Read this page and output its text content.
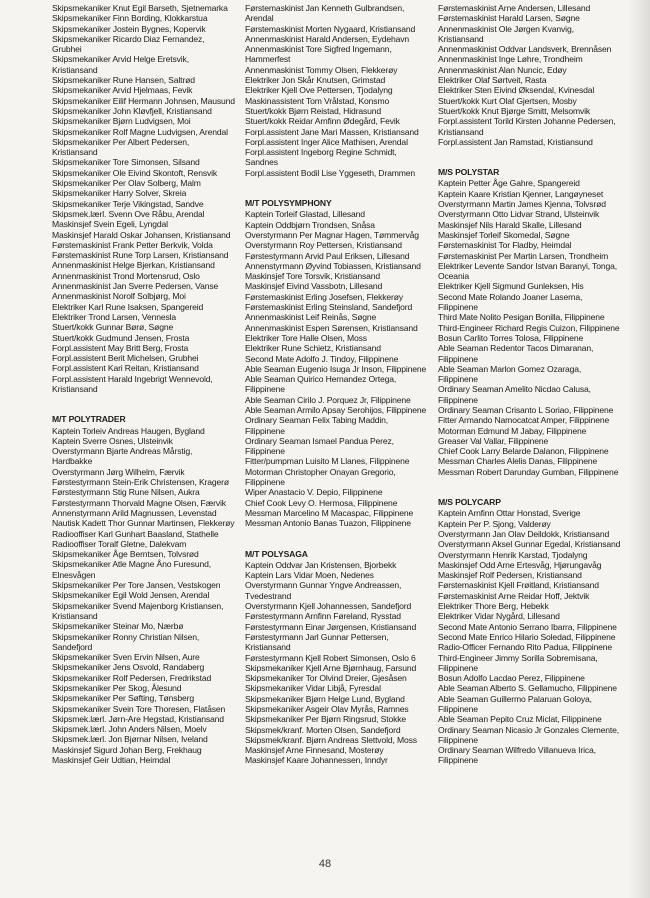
Skipsmekaniker Knut Egil Barseth, Sjetnemarka
Skipsmekaniker Finn Bording, Klokkarstua
Skipsmekaniker Jostein Bygnes, Kopervik
Skipsmekaniker Ricardo Diaz Fernandez,
Grubhei
Skipsmekaniker Arvid Helge Eretsvik,
Kristiansand
Skipsmekaniker Rune Hansen, Saltrød
Skipsmekaniker Arvid Hjelmaas, Fevik
Skipsmekaniker Eilif Hermann Johnsen, Mausund
Skipsmekaniker John Kløvfjell, Kristiansand
Skipsmekaniker Bjørn Ludvigsen, Moi
Skipsmekaniker Rolf Magne Ludvigsen, Arendal
Skipsmekaniker Per Albert Pedersen,
Kristiansand
Skipsmekaniker Tore Simonsen, Silsand
Skipsmekaniker Ole Eivind Skontoft, Rensvik
Skipsmekaniker Per Olav Solberg, Malm
Skipsmekaniker Harry Solver, Skreia
Skipsmekaniker Terje Vikingstad, Sandve
Skipsmek.lærl. Svenn Ove Råbu, Arendal
Maskinsjef Svein Egeli, Lyngdal
Maskinsjef Harald Oskar Johansen, Kristiansand
Førstemaskinist Frank Petter Berkvik, Volda
Førstemaskinist Rune Torp Larsen, Kristiansand
Annenmaskinist Helge Bjerkan, Kristiansand
Annenmaskinist Trond Mortensrud, Oslo
Annenmaskinist Jan Sverre Pedersen, Vanse
Annenmaskinist Norolf Solbjørg, Moi
Elektriker Karl Rune Isaksen, Spangereid
Elektriker Trond Larsen, Vennesla
Stuert/kokk Gunnar Børø, Søgne
Stuert/kokk Gudmund Jensen, Frosta
Forpl.assistent May Britt Berg, Frosta
Forpl.assistent Berit Michelsen, Grubhei
Forpl.assistent Kari Reitan, Kristiansand
Forpl.assistent Harald Ingebrigt Wennevold,
Kristiansand
M/T POLYTRADER
Kaptein Torleiv Andreas Haugen, Bygland
Kaptein Sverre Osnes, Ulsteinvik
Overstyrmann Bjarte Andreas Mårstig,
Hardbakke
Overstyrmann Jørg Wilhelm, Færvik
Førstestyrmann Stein-Erik Christensen, Kragerø
Førstestyrmann Stig Rune Nilsen, Aukra
Førstestyrmann Thorvald Magne Olsen, Færvik
Annenstyrmann Arild Magnussen, Levenstad
Nautisk Kadett Thor Gunnar Martinsen, Flekkerøy
Radiooffiser Karl Gunhart Baasland, Stathelle
Radiooffiser Toralf Gletne, Dalekvam
Skipsmekaniker Åge Berntsen, Tolvsrød
Skipsmekaniker Atle Magne Åno Furesund,
Elnesvågen
Skipsmekaniker Per Tore Jansen, Vestskogen
Skipsmekaniker Egil Wold Jensen, Arendal
Skipsmekaniker Svend Majenborg Kristiansen,
Kristiansand
Skipsmekaniker Steinar Mo, Nærbø
Skipsmekaniker Ronny Christian Nilsen,
Sandefjord
Skipsmekaniker Sven Ervin Nilsen, Aure
Skipsmekaniker Jens Osvold, Randaberg
Skipsmekaniker Rolf Pedersen, Fredrikstad
Skipsmekaniker Per Skog, Ålesund
Skipsmekaniker Per Søfting, Tønsberg
Skipsmekaniker Svein Tore Thoresen, Flatåsen
Skipsmek.lærl. Jørn-Are Hegstad, Kristiansand
Skipsmek.lærl. John Anders Nilsen, Moelv
Skipsmek.lærl. Jon Bjørnar Nilsen, Iveland
Maskinsjef Sigurd Johan Berg, Frekhaug
Maskinsjef Geir Udtian, Heimdal
Førstemaskinist Jan Kenneth Gulbrandsen,
Arendal
Førstemaskinist Morten Nygaard, Kristiansand
Annenmaskinist Harald Andersen, Eydehavn
Annenmaskinist Tore Sigfred Ingemann,
Hammerfest
Annenmaskinist Tommy Olsen, Flekkerøy
Elektriker Jon Skår Knutsen, Grimstad
Elektriker Kjell Ove Pettersen, Tjodalyng
Maskinassistent Tom Vrålstad, Konsmo
Stuert/kokk Bjørn Reistad, Hidrasund
Stuert/kokk Reidar Arnfinn Ødegård, Fevik
Forpl.assistent Jane Mari Massen, Kristiansand
Forpl.assistent Inger Alice Mathisen, Arendal
Forpl.assistent Ingeborg Regine Schmidt,
Sandnes
Forpl.assistent Bodil Lise Yggeseth, Drammen
M/T POLYSYMPHONY
Kaptein Torleif Glastad, Lillesand
Kaptein Oddbjørn Trondsen, Snåsa
Overstyrmann Per Magnar Hagen, Tømmervåg
Overstyrmann Roy Pettersen, Kristiansand
Førstestyrmann Arvid Paul Eriksen, Lillesand
Annenstyrmann Øyvind Tobiassen, Kristiansand
Maskinsjef Tore Torsvik, Kristiansand
Maskinsjef Eivind Vassbotn, Lillesand
Førstemaskinist Erling Josefsen, Flekkerøy
Førstemaskinist Erling Steinsland, Sandefjord
Annenmaskinist Leif Reinås, Søgne
Annenmaskinist Espen Sørensen, Kristiansand
Elektriker Tore Halle Olsen, Moss
Elektriker Rune Schietz, Kristiansand
Second Mate Adolfo J. Tindoy, Filippinene
Able Seaman Eugenio Isuga Jr Inson, Filippinene
Able Seaman Quirico Hernandez Ortega,
Filippinene
Able Seaman Cirilo J. Porquez Jr, Filippinene
Able Seaman Armilo Apsay Serohijos, Filippinene
Ordinary Seaman Felix Tabing Maddin,
Filippinene
Ordinary Seaman Ismael Pandua Perez,
Filippinene
Fitter/pumpman Luisito M Llanes, Filippinene
Motorman Christopher Onayan Gregorio,
Filippinene
Wiper Anastacio V. Depio, Filippinene
Chief Cook Levy O. Hermosa, Filippinene
Messman Marcelino M Macaspac, Filippinene
Messman Antonio Banas Tuazon, Filippinene
M/T POLYSAGA
Kaptein Oddvar Jan Kristensen, Bjorbekk
Kaptein Lars Vidar Moen, Nedenes
Overstyrmann Gunnar Yngve Andreassen,
Tvedestrand
Overstyrmann Kjell Johannessen, Sandefjord
Førstestyrmann Arnfinn Føreland, Rysstad
Førstestyrmann Einar Jørgensen, Kristiansand
Førstestyrmann Jarl Gunnar Pettersen,
Kristiansand
Førstestyrmann Kjell Robert Simonsen, Oslo 6
Skipsmekaniker Kjell Arne Bjørnhaug, Farsund
Skipsmekaniker Tor Olvind Dreier, Gjesåsen
Skipsmekaniker Vidar Libjå, Fyresdal
Skipsmekaniker Bjørn Helge Lund, Bygland
Skipsmekaniker Asgeir Olav Myrås, Ramnes
Skipsmekaniker Per Bjørn Ringsrud, Stokke
Skipsmek/kranf. Morten Olsen, Sandefjord
Skipsmek/kranf. Bjørn Andreas Slettvold, Moss
Maskinsjef Arne Finnesand, Mosterøy
Maskinsjef Kaare Johannessen, Inndyr
Førstemaskinist Arne Andersen, Lillesand
Førstemaskinist Harald Larsen, Søgne
Annenmaskinist Ole Jørgen Kvanvig,
Kristiansand
Annenmaskinist Oddvar Landsverk, Brennåsen
Annenmaskinist Inge Løhre, Trondheim
Annenmaskinist Alan Nuncic, Edøy
Elektriker Olaf Sørtveit, Rasta
Elektriker Sten Eivind Øksendal, Kvinesdal
Stuert/kokk Kurt Olaf Gjertsen, Mosby
Stuert/kokk Knut Bjørge Smitt, Melsomvik
Forpl.assistent Torild Kirsten Johanne Pedersen,
Kristiansand
Forpl.assistent Jan Ramstad, Kristiansund
M/S POLYSTAR
Kaptein Petter Åge Gahre, Spangereid
Kaptein Kaare Kristian Kjenner, Langøyneset
Overstyrmann Martin James Kjenna, Tolvsrød
Overstyrmann Otto Lidvar Strand, Ulsteinvik
Maskinsjef Nils Harald Skalle, Lillesand
Maskinsjef Torleif Skomedal, Søgne
Førstemaskinist Tor Fladby, Heimdal
Førstemaskinist Per Martin Larsen, Trondheim
Elektriker Levente Sandor Istvan Baranyi, Tonga,
Oceania
Elektriker Kjell Sigmund Gunleksen, His
Second Mate Rolando Joaner Laserna,
Filippinene
Third Mate Nolito Pesigan Bonilla, Filippinene
Third-Engineer Richard Regis Cuizon, Filippinene
Bosun Carlito Torres Tolosa, Filippinene
Able Seaman Redentor Tacos Dimaranan,
Filippinene
Able Seaman Marlon Gomez Ozaraga,
Filippinene
Ordinary Seaman Amelito Nicdao Calusa,
Filippinene
Ordinary Seaman Crisanto L Soriao, Filippinene
Fitter Armando Namocatcat Amper, Filippinene
Motorman Edmund M Jabay, Filippinene
Greaser Val Vallar, Filippinene
Chief Cook Larry Belarde Dalanon, Filippinene
Messman Charles Alelis Danas, Filippinene
Messman Robert Darunday Gumban, Filippinene
M/S POLYCARP
Kaptein Arnfinn Ottar Honstad, Sverige
Kaptein Per P. Sjong, Valderøy
Overstyrmann Jan Olav Deildokk, Kristiansand
Overstyrmann Aksel Gunnar Egedal, Kristiansand
Overstyrmann Henrik Karstad, Tjodalyng
Maskinsjef Odd Arne Ertesvåg, Hjørungavåg
Maskinsjef Rolf Pedersen, Kristiansand
Førstemaskinist Kjell Frøitland, Kristiansand
Førstemaskinist Arne Reidar Hoff, Jektvik
Elektriker Thore Berg, Hebekk
Elektriker Vidar Nygård, Lillesand
Second Mate Antonio Serrano Ibarra, Filippinene
Second Mate Enrico Hilario Soledad, Filippinene
Radio-Officer Fernando Rito Padua, Filippinene
Third-Engineer Jimmy Sorilla Sobremisana,
Filippinene
Bosun Adolfo Lacdao Perez, Filippinene
Able Seaman Alberto S. Gellamucho, Filippinene
Able Seaman Guillermo Palaruan Goloya,
Filippinene
Able Seaman Pepito Cruz Miclat, Filippinene
Ordinary Seaman Nicasio Jr Gonzales Clemente,
Filippinene
Ordinary Seaman Wilfredo Villanueva Irica,
Filippinene
48
